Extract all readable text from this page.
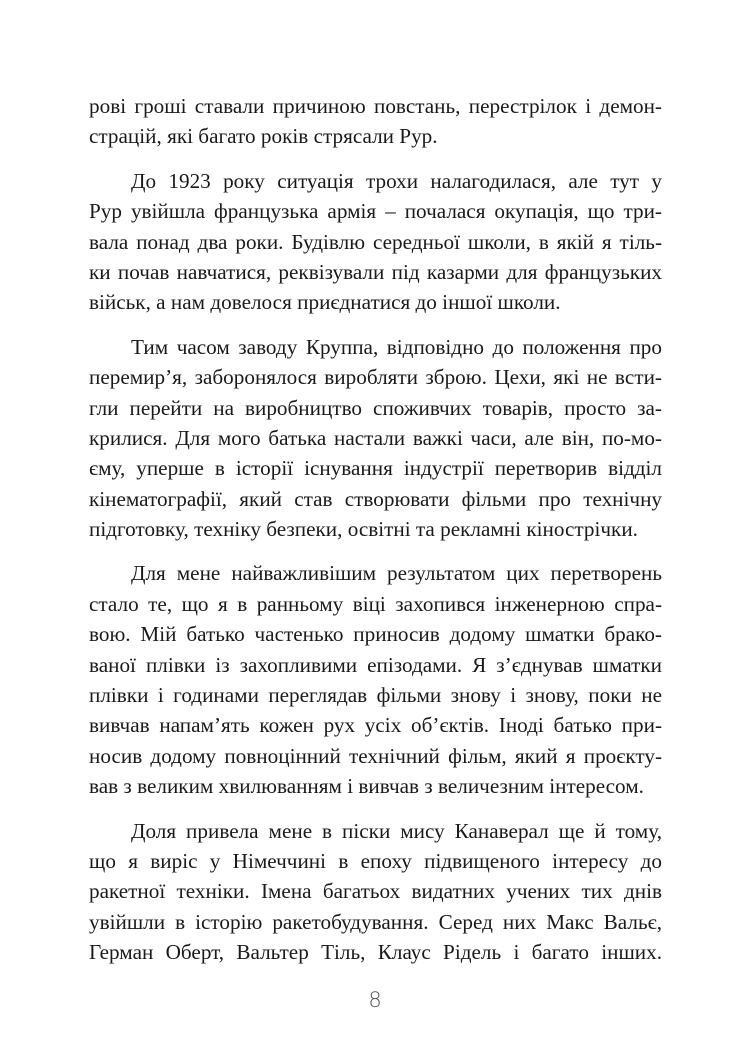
рові гроші ставали причиною повстань, перестрілок і демон-
страцій, які багато років стрясали Рур.
До 1923 року ситуація трохи налагодилася, але тут у
Рур увійшла французька армія – почалася окупація, що три-
вала понад два роки. Будівлю середньої школи, в якій я тіль-
ки почав навчатися, реквізували під казарми для французьких
військ, а нам довелося приєднатися до іншої школи.
Тим часом заводу Круппа, відповідно до положення про
перемир’я, заборонялося виробляти зброю. Цехи, які не вcти-
гли перейти на виробництво споживчих товарів, просто за-
крилися. Для мого батька настали важкі часи, але він, по-мо-
єму, уперше в історії існування індустрії перетворив відділ
кінематографії, який став створювати фільми про технічну
підготовку, техніку безпеки, освітні та рекламні кінострічки.
Для мене найважливішим результатом цих перетворень
стало те, що я в ранньому віці захопився інженерною спра-
вою. Мій батько частенько приносив додому шматки брако-
ваної плівки із захопливими епізодами. Я з’єднував шматки
плівки і годинами переглядав фільми знову і знову, поки не
вивчав напам’ять кожен рух усіх об’єктів. Іноді батько при-
носив додому повноцінний технічний фільм, який я проєкту-
вав з великим хвилюванням і вивчав з величезним інтересом.
Доля привела мене в піски мису Канаверал ще й тому,
що я виріс у Німеччині в епоху підвищеного інтересу до
ракетної техніки. Імена багатьох видатних учених тих днів
увійшли в історію ракетобудування. Серед них Макс Вальє,
Герман Оберт, Вальтер Тіль, Клаус Рідель і багато інших.
8
